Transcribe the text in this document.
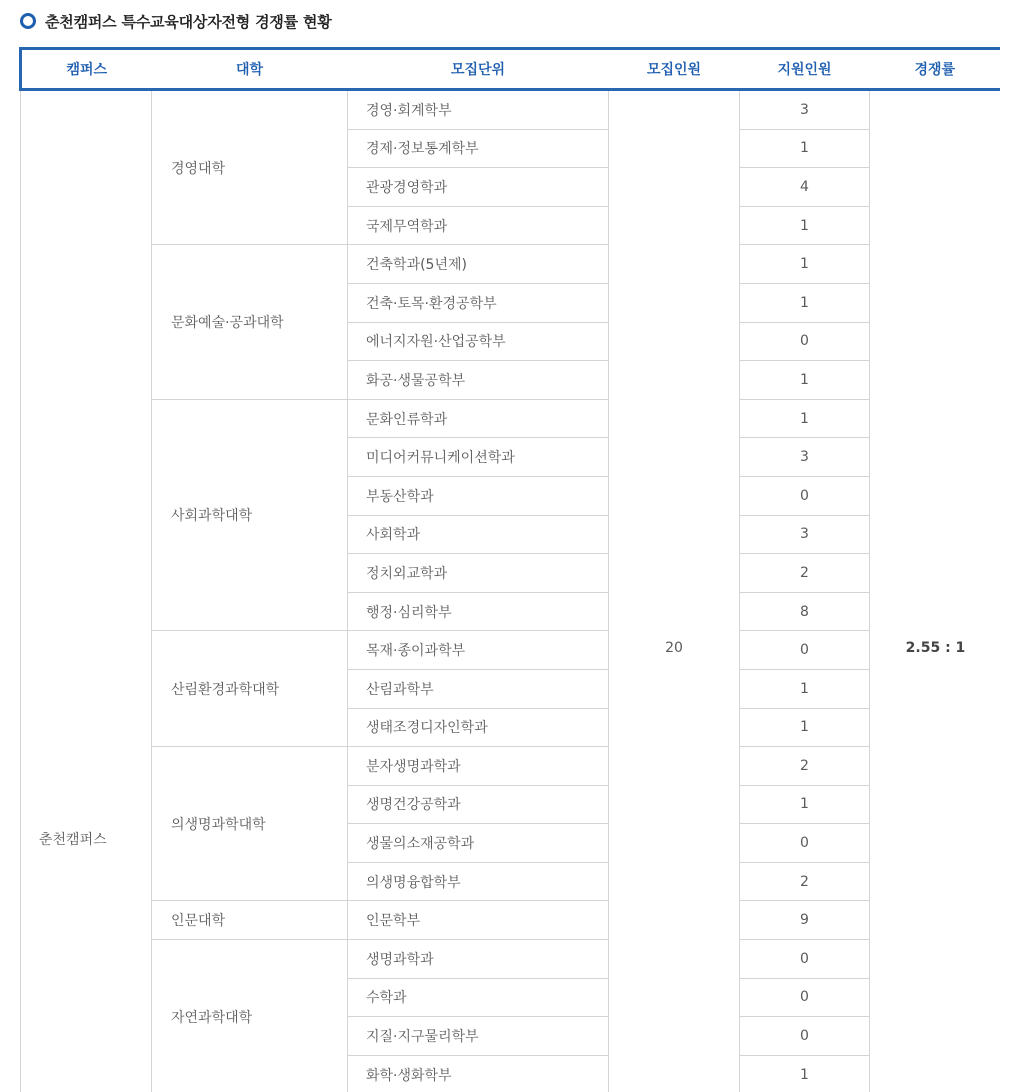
춘천캠퍼스 특수교육대상자전형 경쟁률 현황
캠퍼스	대학	모집단위	모집인원	지원인원	경쟁률
춘천캠퍼스	경영대학	경영·회계학부	20	3	2.55 : 1
		경제·정보통계학부		1	
		관광경영학과		4	
		국제무역학과		1	
	문화예술·공과대학	건축학과(5년제)		1	
		건축·토목·환경공학부		1	
		에너지자원·산업공학부		0	
		화공·생물공학부		1	
	사회과학대학	문화인류학과		1	
		미디어커뮤니케이션학과		3	
		부동산학과		0	
		사회학과		3	
		정치외교학과		2	
		행정·심리학부		8	
	산림환경과학대학	목재·종이과학부		0	
		산림과학부		1	
		생태조경디자인학과		1	
	의생명과학대학	분자생명과학과		2	
		생명건강공학과		1	
		생물의소재공학과		0	
		의생명융합학부		2	
	인문대학	인문학부		9	
	자연과학대학	생명과학과		0	
		수학과		0	
		지질·지구물리학부		0	
		화학·생화학부		1	
